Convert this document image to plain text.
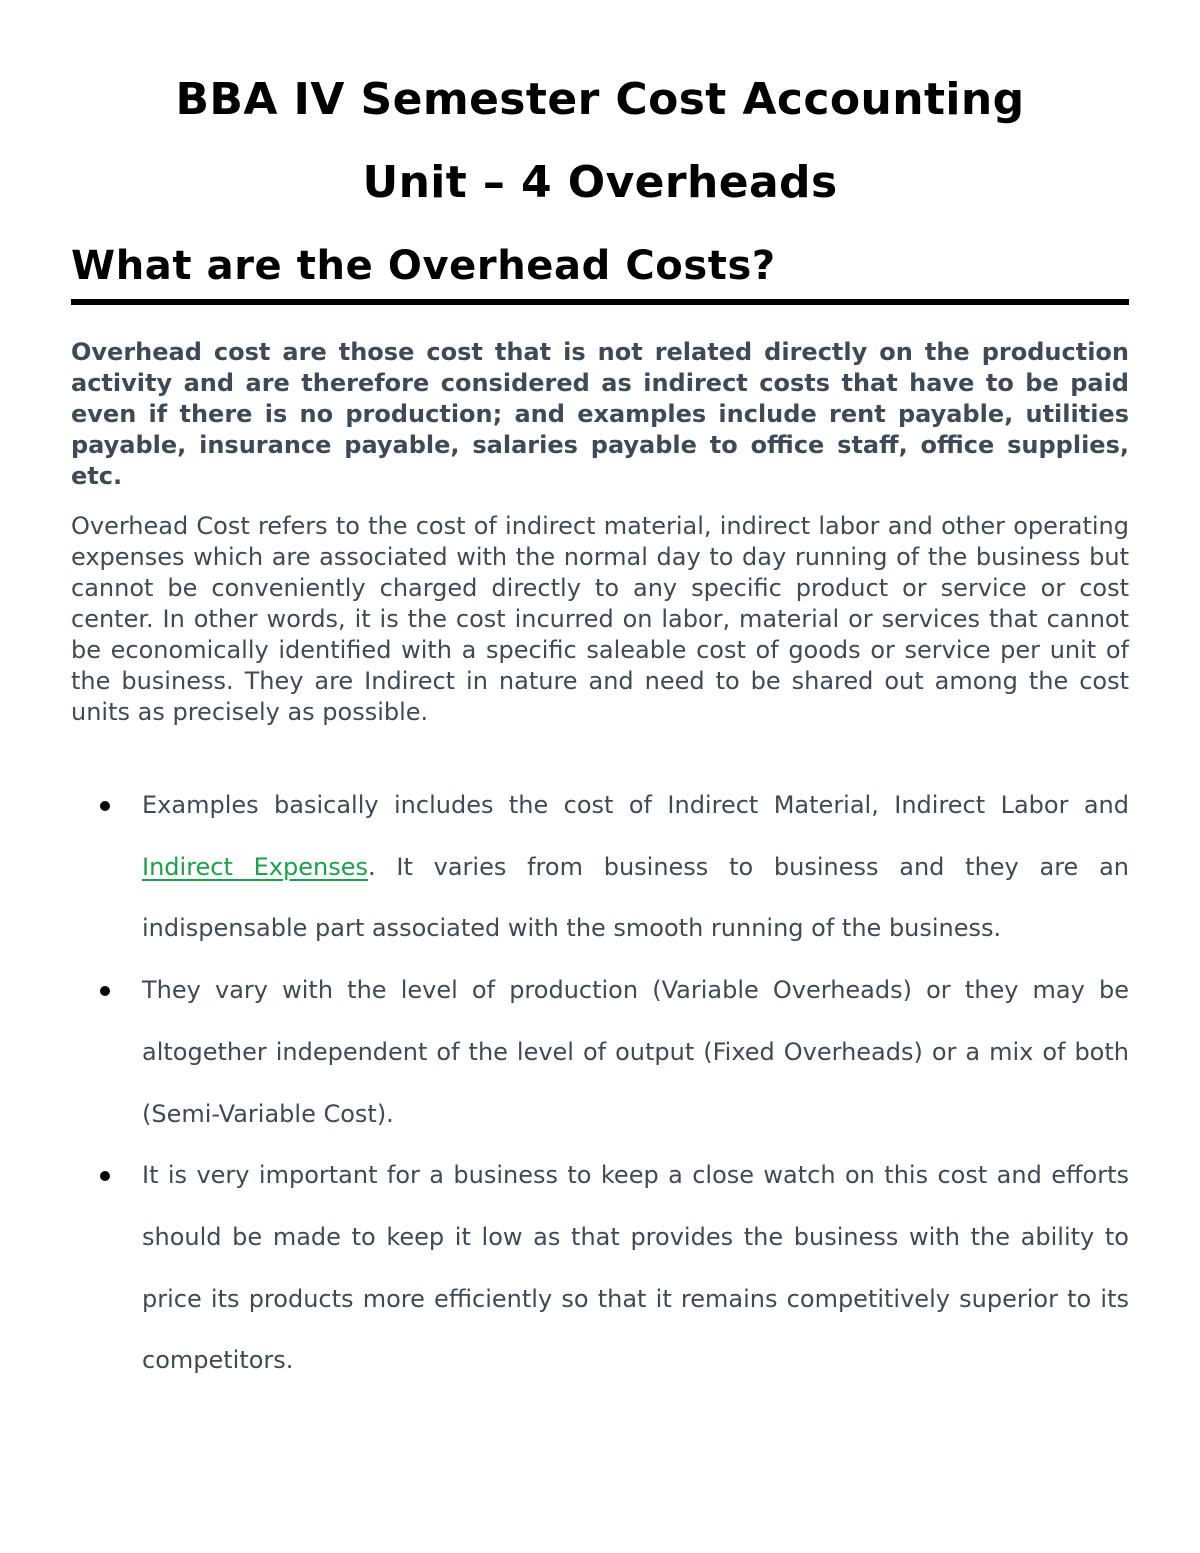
BBA IV Semester Cost Accounting
Unit – 4 Overheads
What are the Overhead Costs?

Overhead cost are those cost that is not related directly on the production activity and are therefore considered as indirect costs that have to be paid even if there is no production; and examples include rent payable, utilities payable, insurance payable, salaries payable to office staff, office supplies, etc.

Overhead Cost refers to the cost of indirect material, indirect labor and other operating expenses which are associated with the normal day to day running of the business but cannot be conveniently charged directly to any specific product or service or cost center. In other words, it is the cost incurred on labor, material or services that cannot be economically identified with a specific saleable cost of goods or service per unit of the business. They are Indirect in nature and need to be shared out among the cost units as precisely as possible.

Examples basically includes the cost of Indirect Material, Indirect Labor and Indirect Expenses. It varies from business to business and they are an indispensable part associated with the smooth running of the business.
They vary with the level of production (Variable Overheads) or they may be altogether independent of the level of output (Fixed Overheads) or a mix of both (Semi-Variable Cost).
It is very important for a business to keep a close watch on this cost and efforts should be made to keep it low as that provides the business with the ability to price its products more efficiently so that it remains competitively superior to its competitors.
